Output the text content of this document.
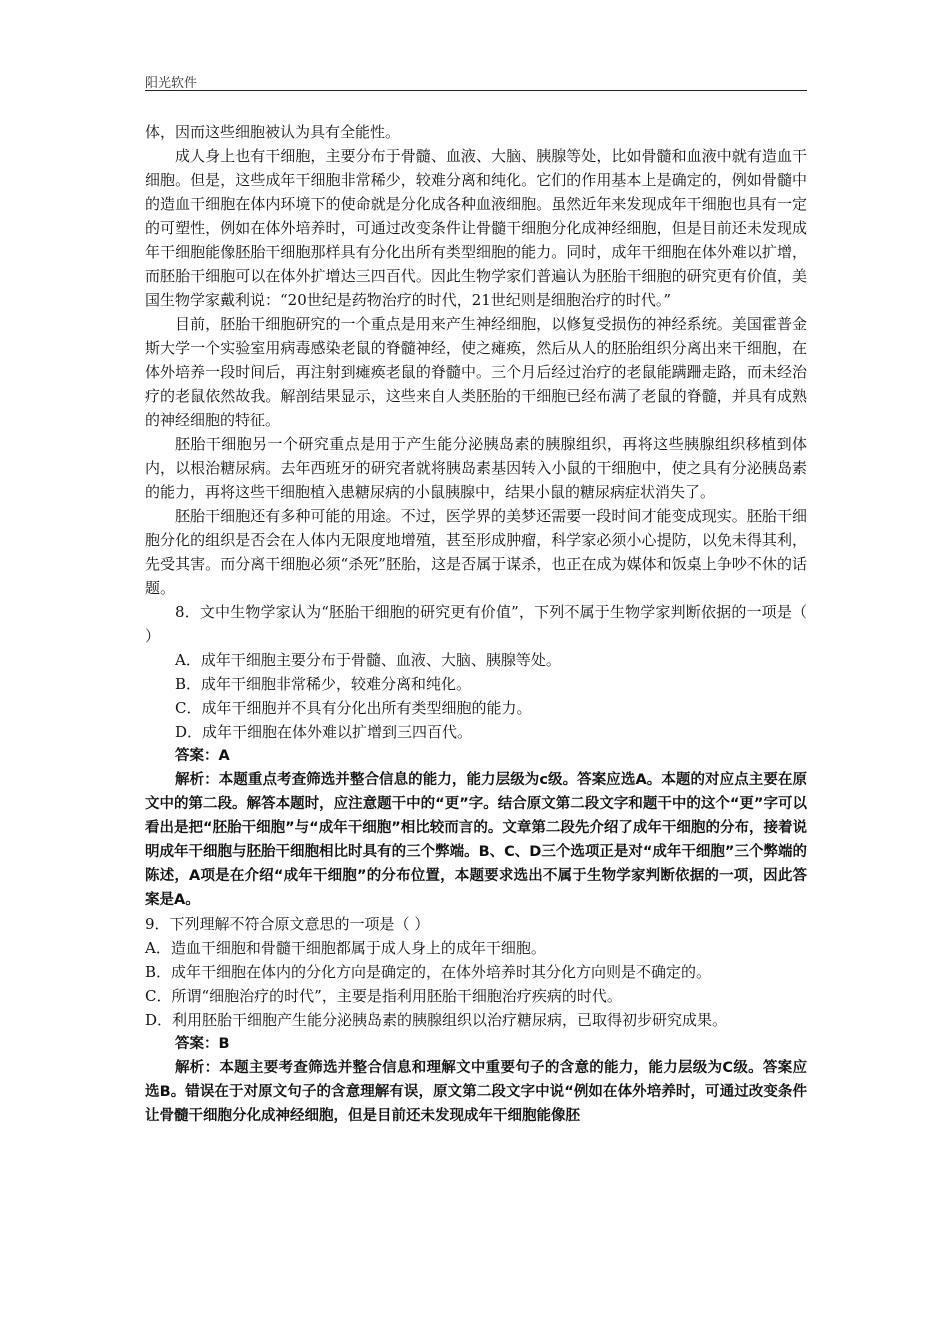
阳光软件

体，因而这些细胞被认为具有全能性。

成人身上也有干细胞，主要分布于骨髓、血液、大脑、胰腺等处，比如骨髓和血液中就有造血干细胞。但是，这些成年干细胞非常稀少，较难分离和纯化。它们的作用基本上是确定的，例如骨髓中的造血干细胞在体内环境下的使命就是分化成各种血液细胞。虽然近年来发现成年干细胞也具有一定的可塑性，例如在体外培养时，可通过改变条件让骨髓干细胞分化成神经细胞，但是目前还未发现成年干细胞能像胚胎干细胞那样具有分化出所有类型细胞的能力。同时，成年干细胞在体外难以扩增，而胚胎干细胞可以在体外扩增达三四百代。因此生物学家们普遍认为胚胎干细胞的研究更有价值，美国生物学家戴利说：“20世纪是药物治疗的时代，21世纪则是细胞治疗的时代。”

目前，胚胎干细胞研究的一个重点是用来产生神经细胞，以修复受损伤的神经系统。美国霍普金斯大学一个实验室用病毒感染老鼠的脊髓神经，使之瘫痪，然后从人的胚胎组织分离出来干细胞，在体外培养一段时间后，再注射到瘫痪老鼠的脊髓中。三个月后经过治疗的老鼠能蹒跚走路，而未经治疗的老鼠依然故我。解剖结果显示，这些来自人类胚胎的干细胞已经布满了老鼠的脊髓，并具有成熟的神经细胞的特征。

胚胎干细胞另一个研究重点是用于产生能分泌胰岛素的胰腺组织，再将这些胰腺组织移植到体内，以根治糖尿病。去年西班牙的研究者就将胰岛素基因转入小鼠的干细胞中，使之具有分泌胰岛素的能力，再将这些干细胞植入患糖尿病的小鼠胰腺中，结果小鼠的糖尿病症状消失了。

胚胎干细胞还有多种可能的用途。不过，医学界的美梦还需要一段时间才能变成现实。胚胎干细胞分化的组织是否会在人体内无限度地增殖，甚至形成肿瘤，科学家必须小心提防，以免未得其利，先受其害。而分离干细胞必须“杀死”胚胎，这是否属于谋杀，也正在成为媒体和饭桌上争吵不休的话题。

8．文中生物学家认为“胚胎干细胞的研究更有价值”，下列不属于生物学家判断依据的一项是（ ）

A．成年干细胞主要分布于骨髓、血液、大脑、胰腺等处。

B．成年干细胞非常稀少，较难分离和纯化。

C．成年干细胞并不具有分化出所有类型细胞的能力。

D．成年干细胞在体外难以扩增到三四百代。

答案：A

解析：本题重点考查筛选并整合信息的能力，能力层级为c级。答案应选A。本题的对应点主要在原文中的第二段。解答本题时，应注意题干中的“更”字。结合原文第二段文字和题干中的这个“更”字可以看出是把“胚胎干细胞”与“成年干细胞”相比较而言的。文章第二段先介绍了成年干细胞的分布，接着说明成年干细胞与胚胎干细胞相比时具有的三个弊端。B、C、D三个选项正是对“成年干细胞”三个弊端的陈述，A项是在介绍“成年干细胞”的分布位置，本题要求选出不属于生物学家判断依据的一项，因此答案是A。

9．下列理解不符合原文意思的一项是（ ）

A．造血干细胞和骨髓干细胞都属于成人身上的成年干细胞。

B．成年干细胞在体内的分化方向是确定的，在体外培养时其分化方向则是不确定的。

C．所谓“细胞治疗的时代”，主要是指利用胚胎干细胞治疗疾病的时代。

D．利用胚胎干细胞产生能分泌胰岛素的胰腺组织以治疗糖尿病，已取得初步研究成果。

答案：B

解析：本题主要考查筛选并整合信息和理解文中重要句子的含意的能力，能力层级为C级。答案应选B。错误在于对原文句子的含意理解有误，原文第二段文字中说“例如在体外培养时，可通过改变条件让骨髓干细胞分化成神经细胞，但是目前还未发现成年干细胞能像胚
